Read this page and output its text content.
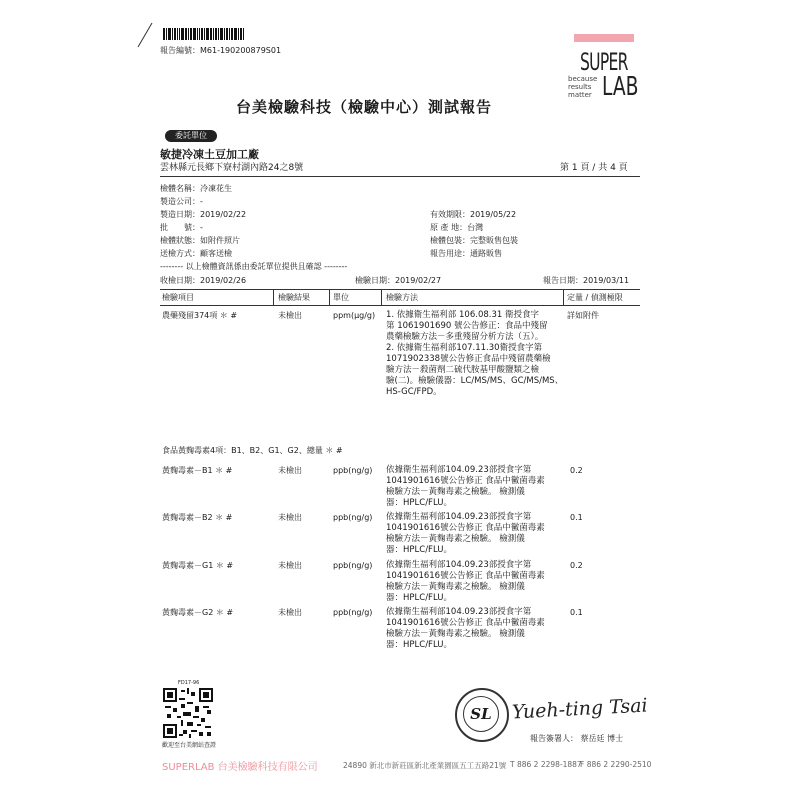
報告編號：M61-190200879S01	SUPER
because
results
matter LAB
台美檢驗科技（檢驗中心）測試報告
委託單位
敏捷冷凍土豆加工廠
雲林縣元長鄉下寮村湖內路24之8號	第 1 頁 / 共 4 頁
檢體名稱：冷凍花生
製造公司：-
製造日期：2019/02/22	有效期限：2019/05/22
批　　號：-	原 產 地：台灣
檢體狀態：如附件照片	檢體包裝：完整販售包裝
送檢方式：顧客送檢	報告用途：通路販售
-------- 以上檢體資訊係由委託單位提供且確認 --------
收檢日期：2019/02/26	檢驗日期：2019/02/27	報告日期：2019/03/11
檢驗項目	檢驗結果	單位	檢驗方法	定量 / 偵測極限
農藥殘留374項 ＊ #	未檢出	ppm(μg/g) 1. 依據衛生福利部 106.08.31 衛授食字
第 1061901690 號公告修正：食品中殘留
農藥檢驗方法－多重殘留分析方法（五）。
2. 依據衛生福利部107.11.30衛授食字第
1071902338號公告修正食品中殘留農藥檢
驗方法－殺菌劑二硫代胺基甲酸鹽類之檢
驗(二)。檢驗儀器：LC/MS/MS、GC/MS/MS、
HS-GC/FPD。
詳如附件
食品黃麴毒素4項：B1、B2、G1、G2、總量 ＊ #
黃麴毒素－B1 ＊ #	未檢出	ppb(ng/g) 依據衛生福利部104.09.23部授食字第
1041901616號公告修正 食品中黴菌毒素
檢驗方法－黃麴毒素之檢驗。 檢測儀
器：HPLC/FLU。
0.2
黃麴毒素－B2 ＊ #	未檢出	ppb(ng/g) 依據衛生福利部104.09.23部授食字第
1041901616號公告修正 食品中黴菌毒素
檢驗方法－黃麴毒素之檢驗。 檢測儀
器：HPLC/FLU。
0.1
黃麴毒素－G1 ＊ #	未檢出	ppb(ng/g) 依據衛生福利部104.09.23部授食字第
1041901616號公告修正 食品中黴菌毒素
檢驗方法－黃麴毒素之檢驗。 檢測儀
器：HPLC/FLU。
0.2
黃麴毒素－G2 ＊ #	未檢出	ppb(ng/g) 依據衛生福利部104.09.23部授食字第
1041901616號公告修正 食品中黴菌毒素
檢驗方法－黃麴毒素之檢驗。 檢測儀
器：HPLC/FLU。
0.1
FD17-96
歡迎至台美網站查證
SL	Yueh-ting Tsai
報告簽署人： 蔡岳廷 博士
SUPERLAB 台美檢驗科技有限公司	24890 新北市新莊區新北產業園區五工五路21號 T 886 2 2298-1887
F 886 2 2290-2510
